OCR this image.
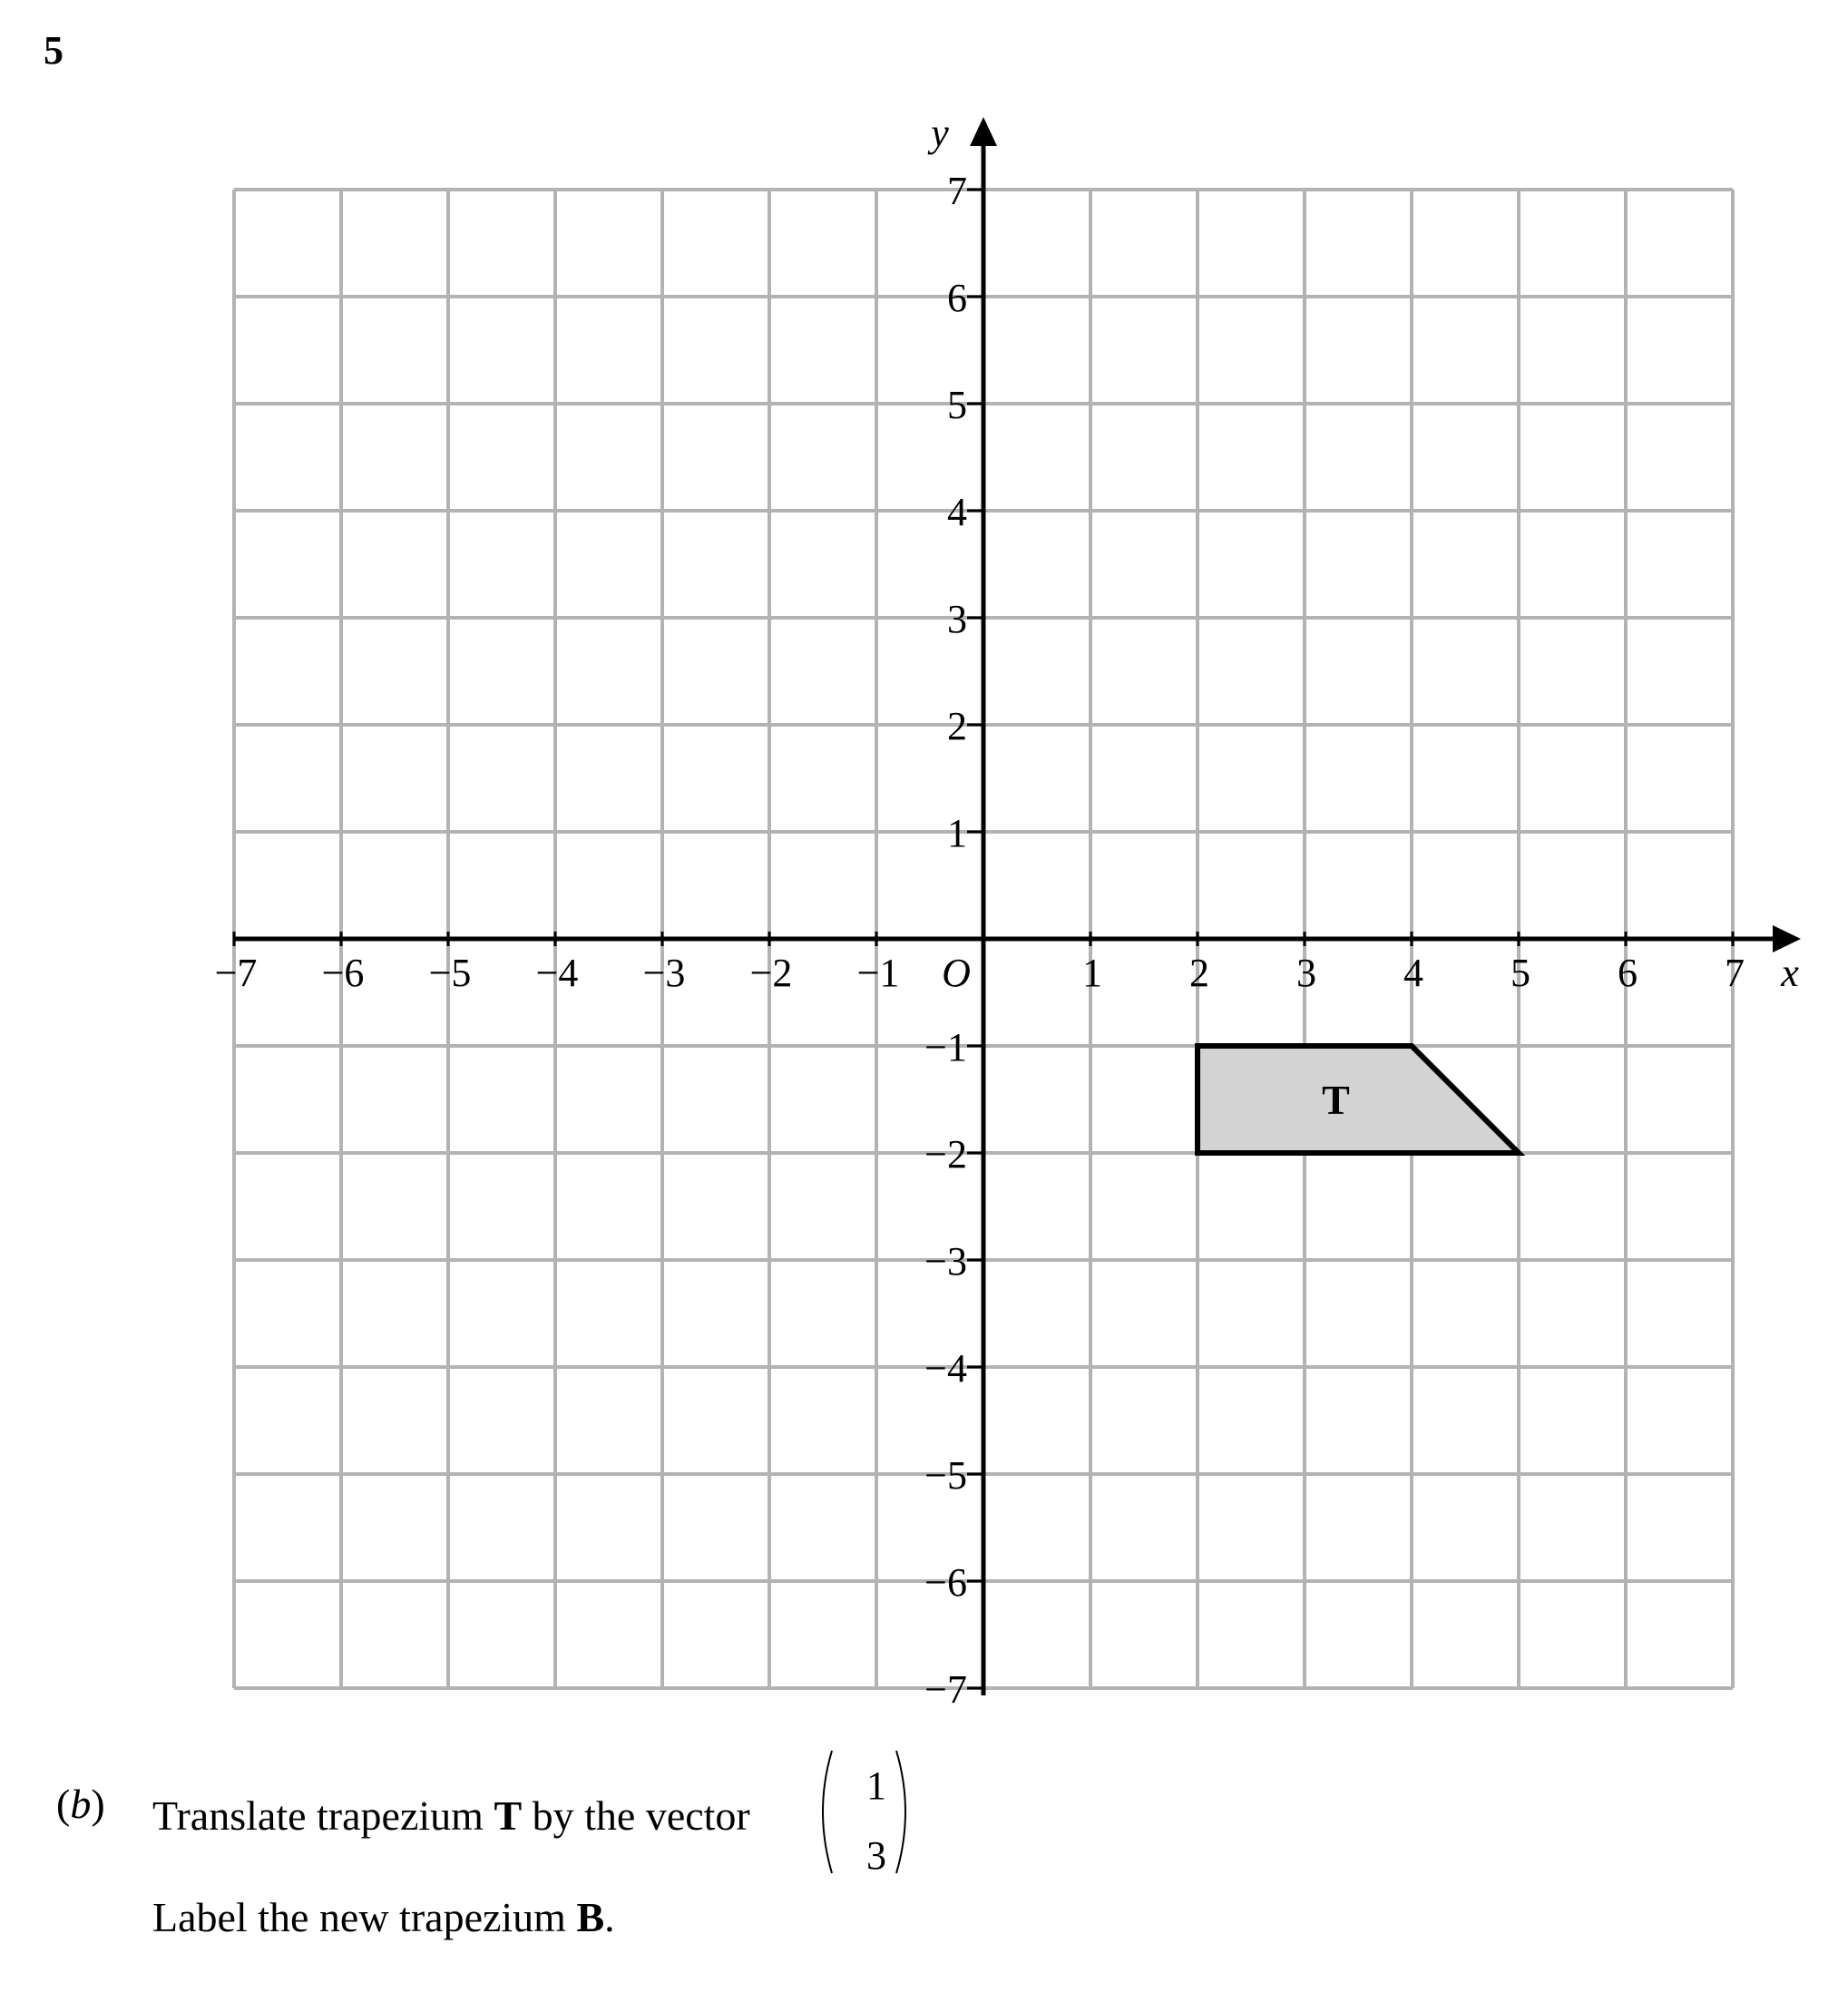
5
x
y
T
−7 −6 −5 −4 −3 −2 −1	1 2 3 4 5 6 7
−7
−6
−5
−4
−3
−2
−1
1
2
3
4
5
6
7
O
(b) Translate trapezium T by the vector
1
3
Label the new trapezium B.
